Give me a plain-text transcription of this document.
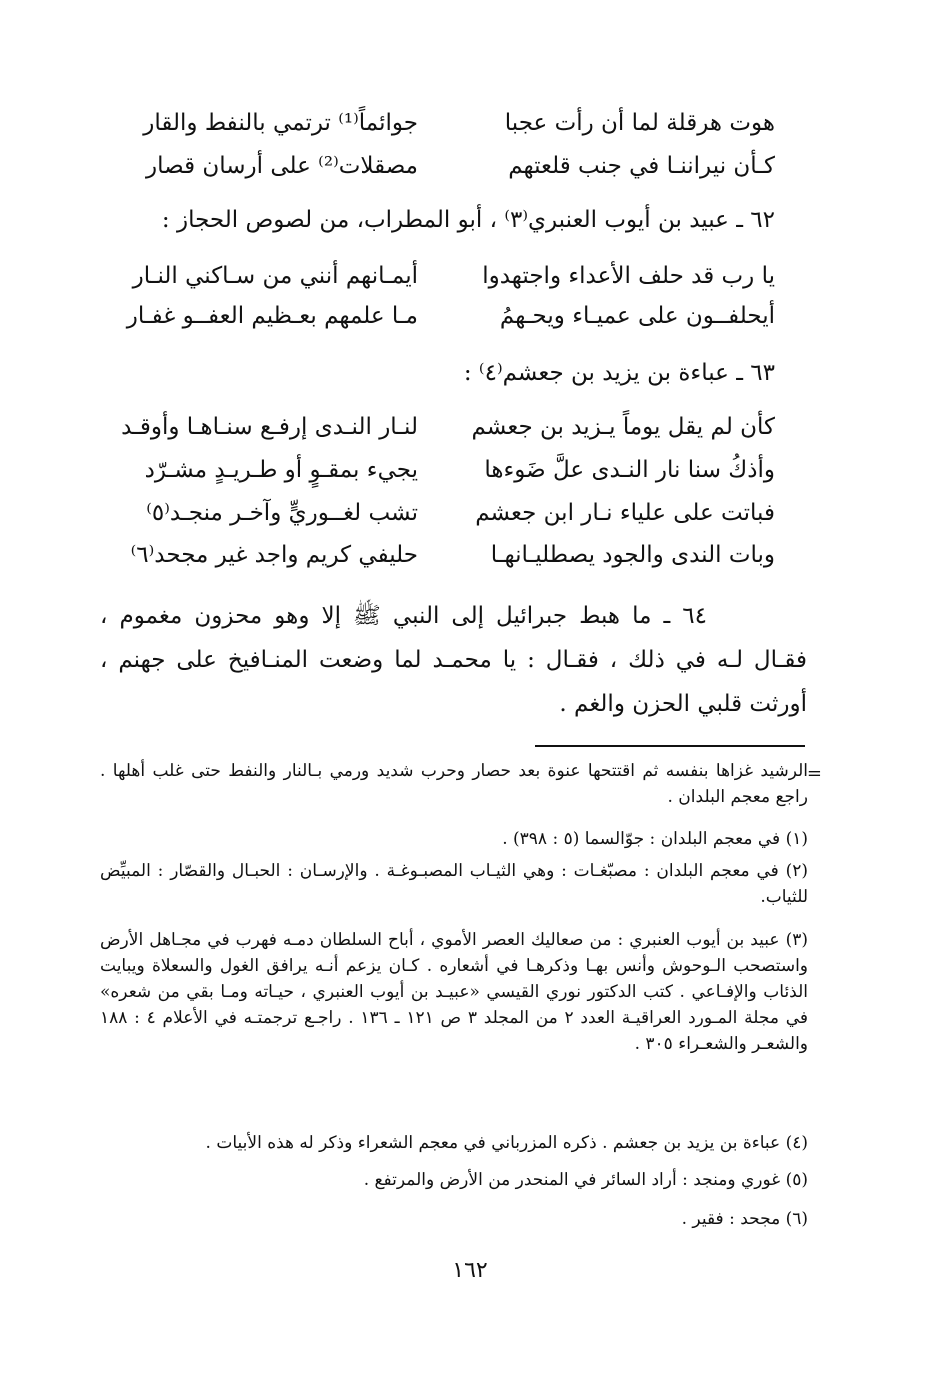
هوت هرقلة لما أن رأت عجبا
جوائماً⁽¹⁾ ترتمي بالنفط والقار
كـأن نيراننـا في جنب قلعتهم
مصقلات⁽²⁾ على أرسان قصار
٦٢ ـ عبيد بن أيوب العنبري⁽٣⁾ ، أبو المطراب، من لصوص الحجاز :
يا رب قد حلف الأعداء واجتهدوا
أيمـانهم أنني من سـاكني النـار
أيحلفــون على عميـاء ويحـهمُ
مـا علمهم بعـظيم العفــو غفـار
٦٣ ـ عباءة بن يزيد بن جعشم⁽٤⁾ :
كأن لم يقل يوماً يـزيد بن جعشم
لنـار النـدى إرفـع سنـاهـا وأوقـد
وأذكُ سنا نار النـدى علَّ ضَوءها
يجيء بمقـوٍ أو طـريـدٍ مشـرّد
فباتت على علياء نـار ابن جعشم
تشب لغــوريٍّ وآخـر منجـد⁽٥⁾
وبات الندى والجود يصطليـانهـا
حليفي كريم واجد غير مجحد⁽٦⁾
٦٤ ـ ما هبط جبرائيل إلى النبي ﷺ إلا وهو محزون مغموم ، فقـال لـه في ذلك ، فقـال : يا محمـد لما وضعت المنـافيخ على جهنم ، أورثت قلبي الحزن والغم .
=
الرشيد غزاها بنفسه ثم اقتتحها عنوة بعد حصار وحرب شديد ورمي بـالنار والنفط حتى غلب أهلها . راجع معجم البلدان .
(١) في معجم البلدان : جوّالسما (٥ : ٣٩٨) .
(٢) في معجم البلدان : مصبّغـات : وهي الثيـاب المصبـوغـة . والإرسـان : الحبـال والقصّار : المبيِّض للثياب.
(٣) عبيد بن أيوب العنبري : من صعاليك العصر الأموي ، أباح السلطان دمـه فهرب في مجـاهل الأرض واستصحب الـوحوش وأنس بهـا وذكرهـا في أشعاره . كـان يزعم أنـه يرافق الغول والسعلاة ويبايت الذئاب والإفـاعي . كتب الدكتور نوري القيسي «عبيـد بن أيوب العنبري ، حيـاته ومـا بقي من شعره» في مجلة المـورد العراقيـة العدد ٢ من المجلد ٣ ص ١٢١ ـ ١٣٦ . راجـع ترجمتـه في الأعلام ٤ : ١٨٨ والشعـر والشعـراء ٣٠٥ .
(٤) عباءة بن يزيد بن جعشم . ذكره المزرباني في معجم الشعراء وذكر له هذه الأبيات .
(٥) غوري ومنجد : أراد السائر في المنحدر من الأرض والمرتفع .
(٦) مجحد : فقير .
١٦٢
